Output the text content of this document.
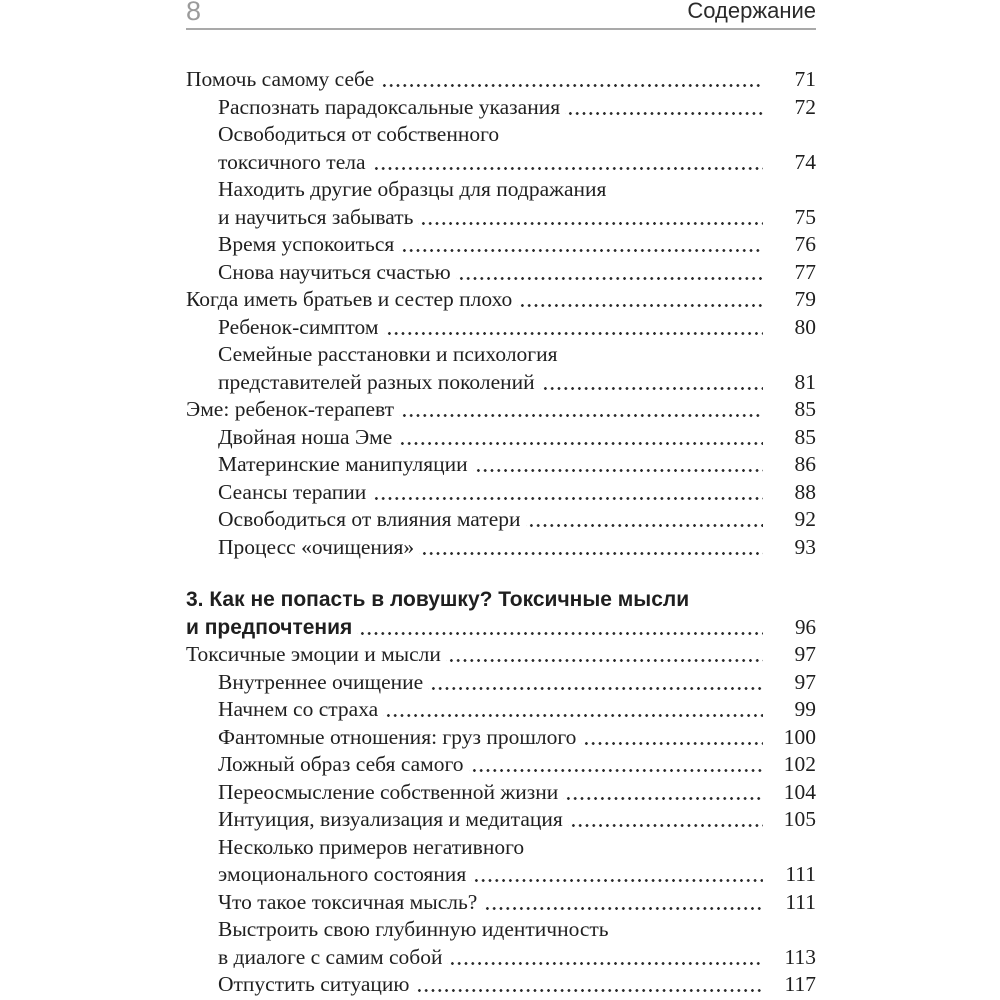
8	Содержание
Помочь самому себе	71
Распознать парадоксальные указания	72
Освободиться от собственного
токсичного тела	74
Находить другие образцы для подражания
и научиться забывать	75
Время успокоиться	76
Снова научиться счастью	77
Когда иметь братьев и сестер плохо	79
Ребенок-симптом	80
Семейные расстановки и психология
представителей разных поколений	81
Эме: ребенок-терапевт	85
Двойная ноша Эме	85
Материнские манипуляции	86
Сеансы терапии	88
Освободиться от влияния матери	92
Процесс «очищения»	93
3. Как не попасть в ловушку? Токсичные мысли
и предпочтения	96
Токсичные эмоции и мысли	97
Внутреннее очищение	97
Начнем со страха	99
Фантомные отношения: груз прошлого	100
Ложный образ себя самого	102
Переосмысление собственной жизни	104
Интуиция, визуализация и медитация	105
Несколько примеров негативного
эмоционального состояния	111
Что такое токсичная мысль?	111
Выстроить свою глубинную идентичность
в диалоге с самим собой	113
Отпустить ситуацию	117
